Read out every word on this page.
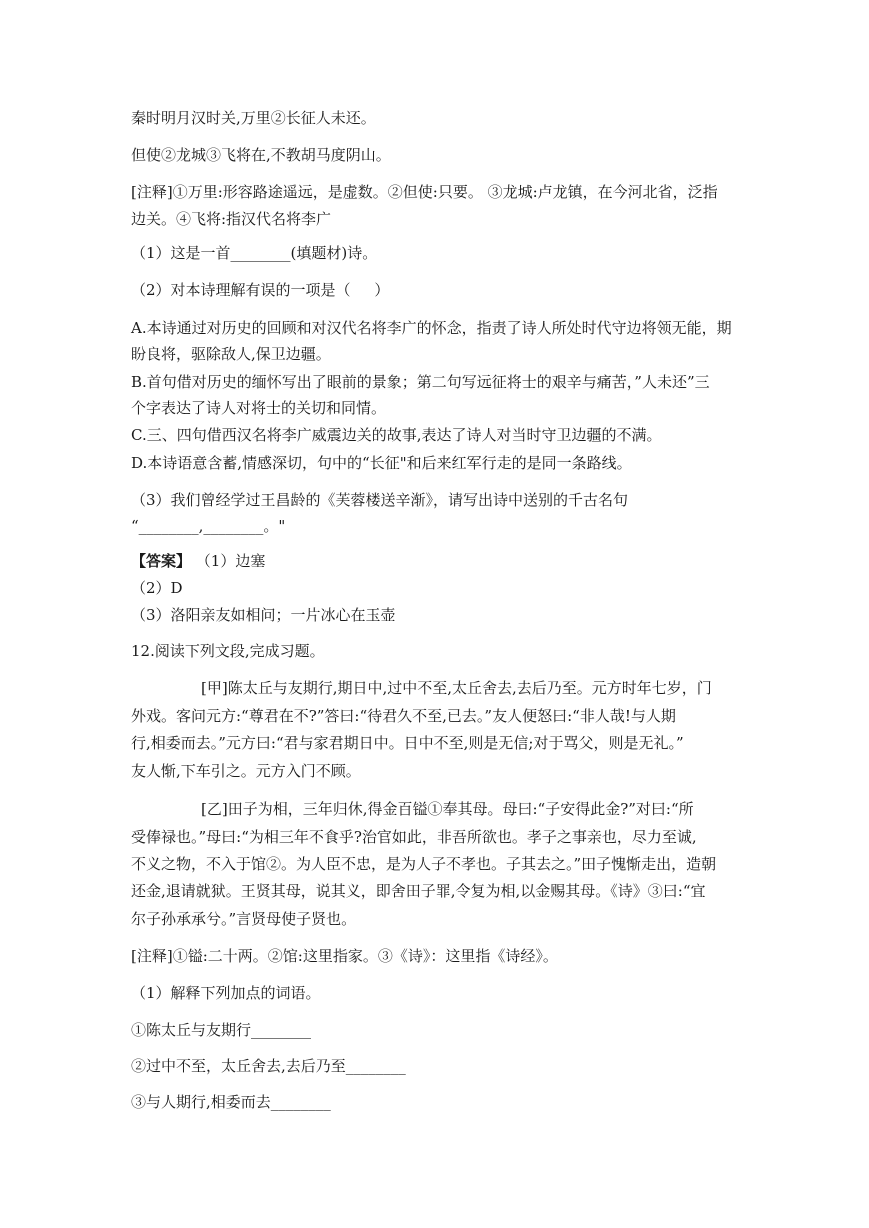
秦时明月汉时关,万里②长征人未还。
但使②龙城③飞将在,不教胡马度阴山。
[注释]①万里:形容路途遥远，是虚数。②但使:只要。 ③龙城:卢龙镇，在今河北省，泛指
边关。④飞将:指汉代名将李广
（1）这是一首________(填题材)诗。
（2）对本诗理解有误的一项是（     ）
A.本诗通过对历史的回顾和对汉代名将李广的怀念，指责了诗人所处时代守边将领无能，期
盼良将，驱除敌人,保卫边疆。
B.首句借对历史的缅怀写出了眼前的景象；第二句写远征将士的艰辛与痛苦，”人未还”三
个字表达了诗人对将士的关切和同情。
C.三、四句借西汉名将李广威震边关的故事,表达了诗人对当时守卫边疆的不满。
D.本诗语意含蓄,情感深切，句中的“长征"和后来红军行走的是同一条路线。
（3）我们曾经学过王昌龄的《芙蓉楼送辛渐》，请写出诗中送别的千古名句
“________,________。"
【答案】 （1）边塞
（2）D
（3）洛阳亲友如相问；一片冰心在玉壶
12.阅读下列文段,完成习题。
[甲]陈太丘与友期行,期日中,过中不至,太丘舍去,去后乃至。元方时年七岁，门
外戏。客问元方:“尊君在不?”答曰:“待君久不至,已去。”友人便怒曰:“非人哉!与人期
行,相委而去。”元方曰:“君与家君期日中。日中不至,则是无信;对于骂父，则是无礼。”
友人惭,下车引之。元方入门不顾。
[乙]田子为相，三年归休,得金百镒①奉其母。母曰:“子安得此金?”对曰:“所
受俸禄也。”母曰:“为相三年不食乎?治官如此，非吾所欲也。孝子之事亲也，尽力至诚,
不义之物，不入于馆②。为人臣不忠，是为人子不孝也。子其去之。”田子愧惭走出，造朝
还金,退请就狱。王贤其母，说其义，即舍田子罪,令复为相,以金赐其母。《诗》③曰:“宜
尔子孙承承兮。”言贤母使子贤也。
[注释]①镒:二十两。②馆:这里指家。③《诗》：这里指《诗经》。
（1）解释下列加点的词语。
①陈太丘与友期行________
②过中不至，太丘舍去,去后乃至________
③与人期行,相委而去________
